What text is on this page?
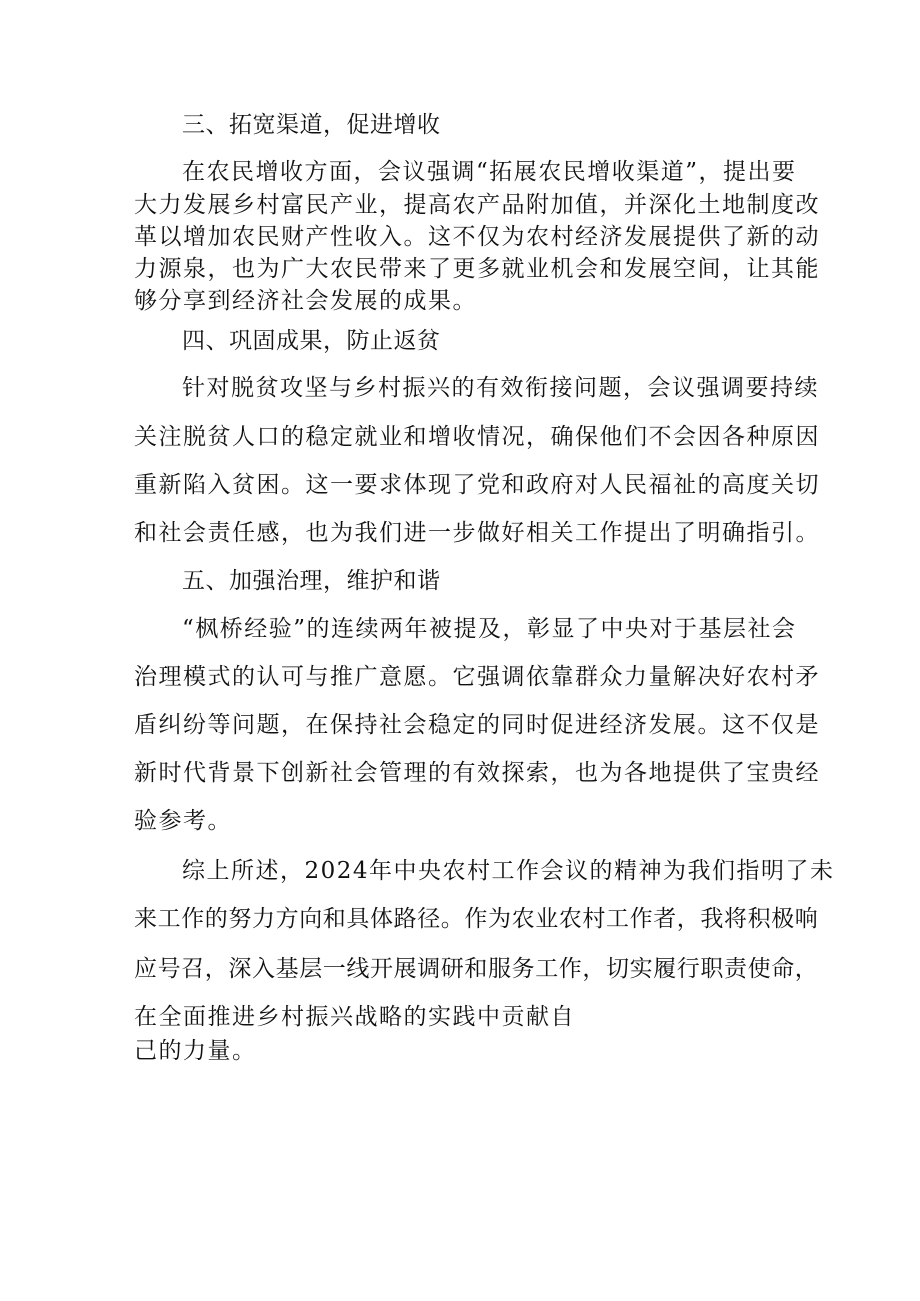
三、拓宽渠道，促进增收
在农民增收方面，会议强调“拓展农民增收渠道”，提出要
大力发展乡村富民产业，提高农产品附加值，并深化土地制度改
革以增加农民财产性收入。这不仅为农村经济发展提供了新的动
力源泉，也为广大农民带来了更多就业机会和发展空间，让其能
够分享到经济社会发展的成果。
四、巩固成果，防止返贫
针对脱贫攻坚与乡村振兴的有效衔接问题，会议强调要持续
关注脱贫人口的稳定就业和增收情况，确保他们不会因各种原因
重新陷入贫困。这一要求体现了党和政府对人民福祉的高度关切
和社会责任感，也为我们进一步做好相关工作提出了明确指引。
五、加强治理，维护和谐
“枫桥经验”的连续两年被提及，彰显了中央对于基层社会
治理模式的认可与推广意愿。它强调依靠群众力量解决好农村矛
盾纠纷等问题，在保持社会稳定的同时促进经济发展。这不仅是
新时代背景下创新社会管理的有效探索，也为各地提供了宝贵经
验参考。
综上所述，2024年中央农村工作会议的精神为我们指明了未
来工作的努力方向和具体路径。作为农业农村工作者，我将积极响
应号召，深入基层一线开展调研和服务工作，切实履行职责使命，
在全面推进乡村振兴战略的实践中贡献自
己的力量。
